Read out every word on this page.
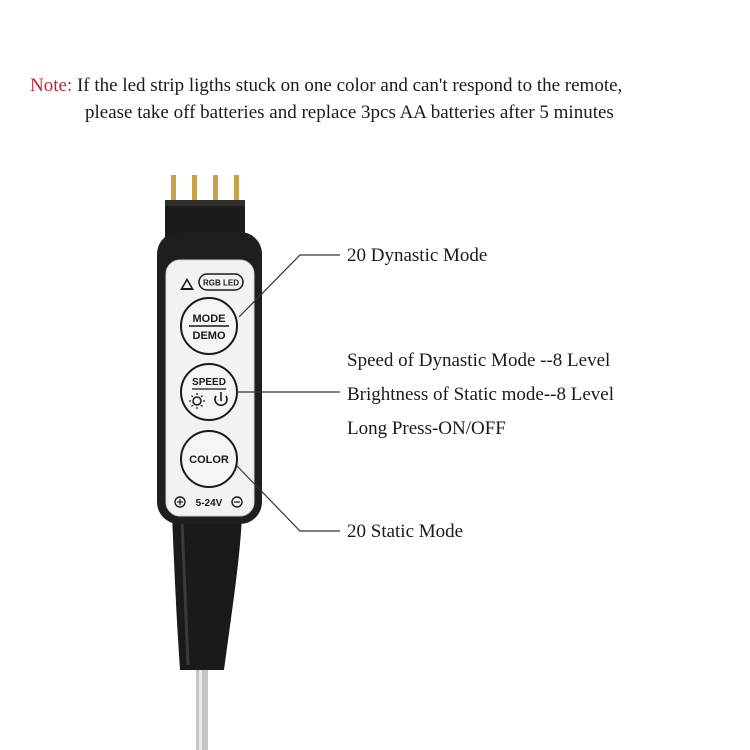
Note: If the led strip ligths stuck on one color and can't respond to the remote,
please take off batteries and replace 3pcs AA batteries after 5 minutes
RGB LED
MODE
DEMO
SPEED
COLOR
5-24V
20 Dynastic Mode
Speed of Dynastic Mode --8 Level
Brightness of Static mode--8 Level
Long Press-ON/OFF
20 Static Mode
